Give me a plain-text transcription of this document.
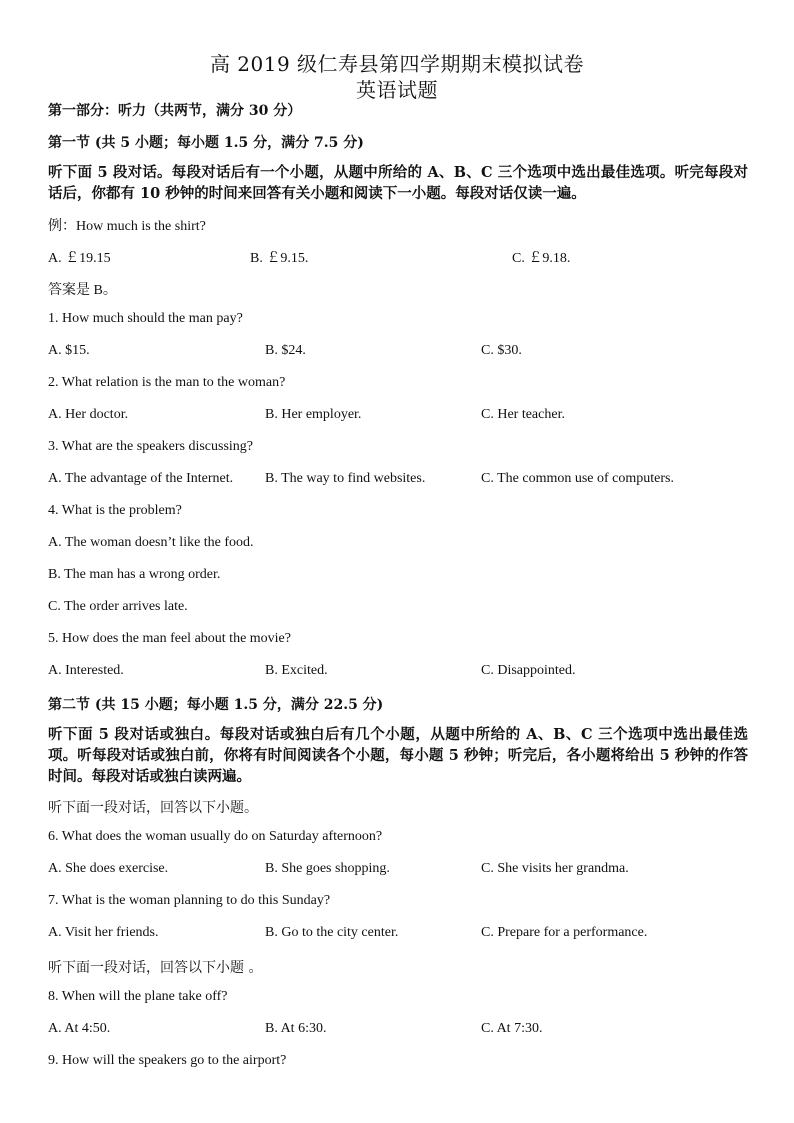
高 2019 级仁寿县第四学期期末模拟试卷
英语试题
第一部分：听力（共两节，满分 30 分）
第一节 (共 5 小题；每小题 1.5 分，满分 7.5 分)
听下面 5 段对话。每段对话后有一个小题，从题中所给的 A、B、C 三个选项中选出最佳选项。听完每段对话后，你都有 10 秒钟的时间来回答有关小题和阅读下一小题。每段对话仅读一遍。
例：How much is the shirt?
A. ￡19.15	B. ￡9.15.	C. ￡9.18.
答案是 B。
1. How much should the man pay?
A. $15.	B. $24.	C. $30.
2. What relation is the man to the woman?
A. Her doctor.	B. Her employer.	C. Her teacher.
3. What are the speakers discussing?
A. The advantage of the Internet. B. The way to find websites.	C. The common use of computers.
4. What is the problem?
A. The woman doesn’t like the food.
B. The man has a wrong order.
C. The order arrives late.
5. How does the man feel about the movie?
A. Interested.	B. Excited.	C. Disappointed.
第二节 (共 15 小题；每小题 1.5 分，满分 22.5 分)
听下面 5 段对话或独白。每段对话或独白后有几个小题，从题中所给的 A、B、C 三个选项中选出最佳选项。听每段对话或独白前，你将有时间阅读各个小题，每小题 5 秒钟；听完后，各小题将给出 5 秒钟的作答时间。每段对话或独白读两遍。
听下面一段对话，回答以下小题。
6. What does the woman usually do on Saturday afternoon?
A. She does exercise.	B. She goes shopping.	C. She visits her grandma.
7. What is the woman planning to do this Sunday?
A. Visit her friends.	B. Go to the city center.	C. Prepare for a performance.
听下面一段对话，回答以下小题 。
8. When will the plane take off?
A. At 4:50.	B. At 6:30.	C. At 7:30.
9. How will the speakers go to the airport?
